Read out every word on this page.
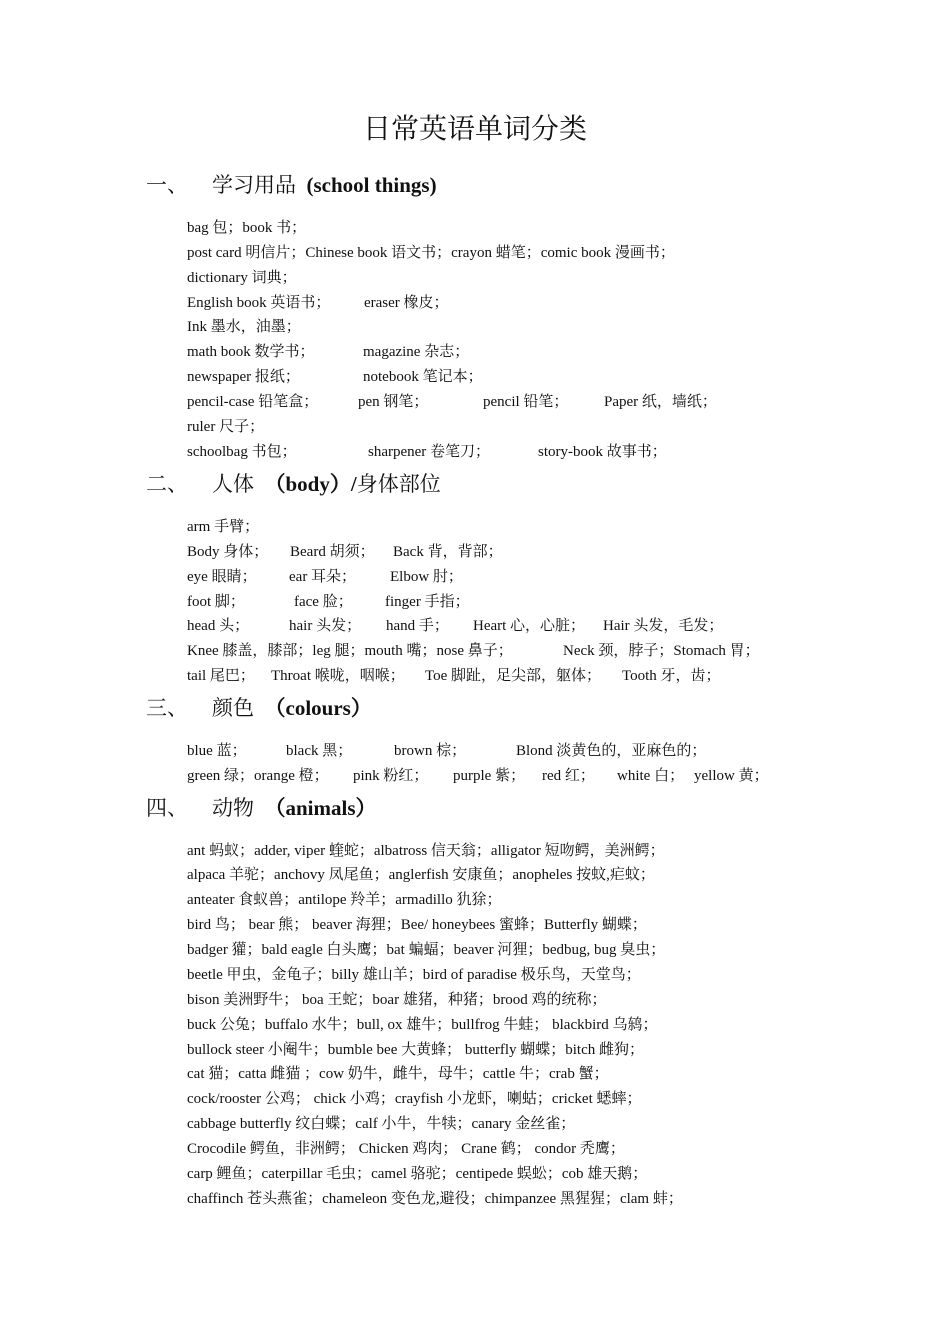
日常英语单词分类
一、 学习用品 (school things)
bag 包；book 书；
post card 明信片；Chinese book 语文书；crayon 蜡笔；comic book 漫画书；
dictionary 词典；
English book 英语书； eraser 橡皮；
Ink 墨水，油墨；
math book 数学书；	magazine 杂志；
newspaper 报纸；	notebook 笔记本；
pencil-case 铅笔盒；	pen 钢笔；	pencil 铅笔； Paper 纸，墙纸；
ruler 尺子；
schoolbag 书包；	sharpener 卷笔刀；	story-book 故事书；
二、 人体 （body）/身体部位
arm 手臂；
Body 身体； Beard 胡须； Back 背，背部；
eye 眼睛； ear 耳朵； Elbow 肘；
foot 脚；	face 脸； finger 手指；
head 头；	hair 头发； hand 手； Heart 心，心脏； Hair 头发，毛发；
Knee 膝盖，膝部；leg 腿；mouth 嘴；nose 鼻子；	Neck 颈，脖子；Stomach 胃；
tail 尾巴； Throat 喉咙，咽喉； Toe 脚趾，足尖部，躯体； Tooth 牙，齿；
三、 颜色 （colours）
blue 蓝；	black 黑；	brown 棕；	Blond 淡黄色的，亚麻色的；
green 绿；orange 橙； pink 粉红； purple 紫； red 红； white 白； yellow 黄；
四、 动物 （animals）
ant 蚂蚁；adder, viper 蝰蛇；albatross 信天翁；alligator 短吻鳄，美洲鳄；
alpaca 羊驼；anchovy 凤尾鱼；anglerfish 安康鱼；anopheles 按蚊,疟蚊；
anteater 食蚁兽；antilope 羚羊；armadillo 犰狳；
bird 鸟； bear 熊； beaver 海狸；Bee/ honeybees 蜜蜂；Butterfly 蝴蝶；
badger 獾；bald eagle 白头鹰；bat 蝙蝠；beaver 河狸；bedbug, bug 臭虫；
beetle 甲虫，金龟子；billy 雄山羊；bird of paradise 极乐鸟，天堂鸟；
bison 美洲野牛； boa 王蛇；boar 雄猪，种猪；brood 鸡的统称；
buck 公兔；buffalo 水牛；bull, ox 雄牛；bullfrog 牛蛙； blackbird 乌鸫；
bullock steer 小阉牛；bumble bee 大黄蜂； butterfly 蝴蝶；bitch 雌狗；
cat 猫；catta 雌猫 ；cow 奶牛，雌牛，母牛；cattle 牛；crab 蟹；
cock/rooster 公鸡； chick 小鸡；crayfish 小龙虾，喇蛄；cricket 蟋蟀；
cabbage butterfly 纹白蝶；calf 小牛，牛犊；canary 金丝雀；
Crocodile 鳄鱼，非洲鳄； Chicken 鸡肉； Crane 鹤； condor 秃鹰；
carp 鲤鱼；caterpillar 毛虫；camel 骆驼；centipede 蜈蚣；cob 雄天鹅；
chaffinch 苍头燕雀；chameleon 变色龙,避役；chimpanzee 黑猩猩；clam 蚌；
